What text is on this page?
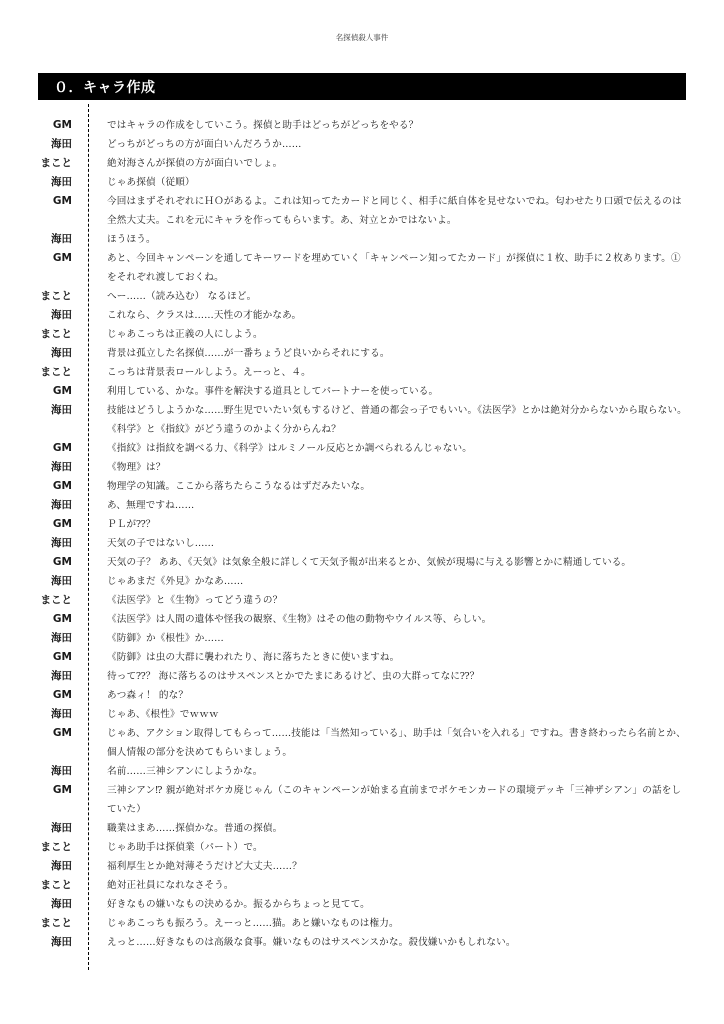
名探偵殺人事件
０．キャラ作成
GM	ではキャラの作成をしていこう。探偵と助手はどっちがどっちをやる？
海田	どっちがどっちの方が面白いんだろうか……
まこと	絶対海さんが探偵の方が面白いでしょ。
海田	じゃあ探偵（従順）
GM	今回はまずそれぞれにＨＯがあるよ。これは知ってたカードと同じく、相手に紙自体を見せないでね。匂わせたり口頭で伝えるのは全然大丈夫。これを元にキャラを作ってもらいます。あ、対立とかではないよ。
海田	ほうほう。
GM	あと、今回キャンペーンを通してキーワードを埋めていく「キャンペーン知ってたカード」が探偵に１枚、助手に２枚あります。①をそれぞれ渡しておくね。
まこと	へー……（読み込む） なるほど。
海田	これなら、クラスは……天性の才能かなあ。
まこと	じゃあこっちは正義の人にしよう。
海田	背景は孤立した名探偵……が一番ちょうど良いからそれにする。
まこと	こっちは背景表ロールしよう。えーっと、４。
GM	利用している、かな。事件を解決する道具としてパートナーを使っている。
海田	技能はどうしようかな……野生児でいたい気もするけど、普通の都会っ子でもいい。《法医学》とかは絶対分からないから取らない。《科学》と《指紋》がどう違うのかよく分からんね？
GM	《指紋》は指紋を調べる力、《科学》はルミノール反応とか調べられるんじゃない。
海田	《物理》は？
GM	物理学の知識。ここから落ちたらこうなるはずだみたいな。
海田	あ、無理ですね……
GM	ＰＬが⁇？
海田	天気の子ではないし……
GM	天気の子？ ああ、《天気》は気象全般に詳しくて天気予報が出来るとか、気候が現場に与える影響とかに精通している。
海田	じゃあまだ《外見》かなあ……
まこと	《法医学》と《生物》ってどう違うの？
GM	《法医学》は人間の遺体や怪我の観察、《生物》はその他の動物やウイルス等、らしい。
海田	《防御》か《根性》か……
GM	《防御》は虫の大群に襲われたり、海に落ちたときに使いますね。
海田	待って⁇？ 海に落ちるのはサスペンスとかでたまにあるけど、虫の大群ってなに⁇？
GM	あつ森ィ！ 的な？
海田	じゃあ、《根性》でｗｗｗ
GM	じゃあ、アクション取得してもらって……技能は「当然知っている」、助手は「気合いを入れる」ですね。書き終わったら名前とか、個人情報の部分を決めてもらいましょう。
海田	名前……三神シアンにしようかな。
GM	三神シアン⁉ 親が絶対ポケカ廃じゃん（このキャンペーンが始まる直前までポケモンカードの環境デッキ「三神ザシアン」の話をしていた）
海田	職業はまあ……探偵かな。普通の探偵。
まこと	じゃあ助手は探偵業（パート）で。
海田	福利厚生とか絶対薄そうだけど大丈夫……？
まこと	絶対正社員になれなさそう。
海田	好きなもの嫌いなもの決めるか。振るからちょっと見てて。
まこと	じゃあこっちも振ろう。えーっと……猫。あと嫌いなものは権力。
海田	えっと……好きなものは高級な食事。嫌いなものはサスペンスかな。殺伐嫌いかもしれない。
